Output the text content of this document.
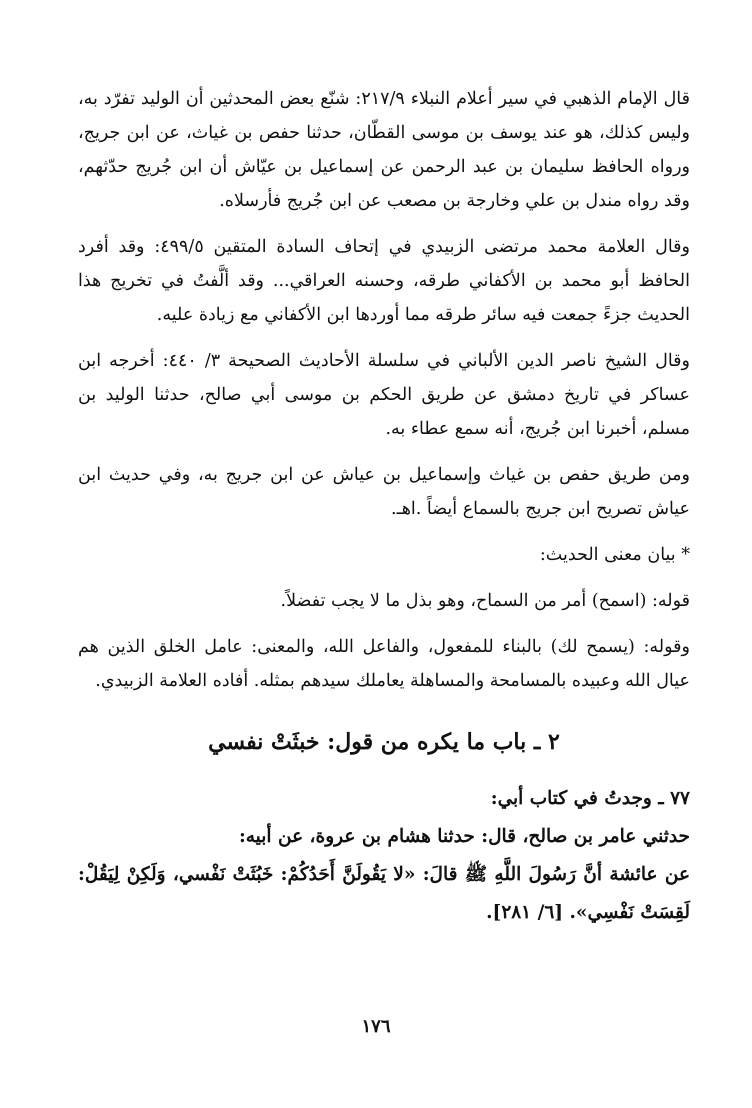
قال الإمام الذهبي في سير أعلام النبلاء ٢١٧/٩: شنّع بعض المحدثين أن الوليد تفرّد به، وليس كذلك، هو عند يوسف بن موسى القطّان، حدثنا حفص بن غياث، عن ابن جريج، ورواه الحافظ سليمان بن عبد الرحمن عن إسماعيل بن عيّاش أن ابن جُريج حدّثهم، وقد رواه مندل بن علي وخارجة بن مصعب عن ابن جُريج فأرسلاه.

وقال العلامة محمد مرتضى الزبيدي في إتحاف السادة المتقين ٤٩٩/٥: وقد أفرد الحافظ أبو محمد بن الأكفاني طرقه، وحسنه العراقي... وقد ألَّفتُ في تخريج هذا الحديث جزءً جمعت فيه سائر طرقه مما أوردها ابن الأكفاني مع زيادة عليه.

وقال الشيخ ناصر الدين الألباني في سلسلة الأحاديث الصحيحة ٣/ ٤٤٠: أخرجه ابن عساكر في تاريخ دمشق عن طريق الحكم بن موسى أبي صالح، حدثنا الوليد بن مسلم، أخبرنا ابن جُريج، أنه سمع عطاء به.

ومن طريق حفص بن غياث وإسماعيل بن عياش عن ابن جريج به، وفي حديث ابن عياش تصريح ابن جريج بالسماع أيضاً .اهـ.

* بيان معنى الحديث:

قوله: (اسمح) أمر من السماح، وهو بذل ما لا يجب تفضلاً.

وقوله: (يسمح لك) بالبناء للمفعول، والفاعل الله، والمعنى: عامل الخلق الذين هم عيال الله وعبيده بالمسامحة والمساهلة يعاملك سيدهم بمثله. أفاده العلامة الزبيدي.

٢ ـ باب ما يكره من قول: خبثَتْ نفسي

٧٧ ـ وجدتُ في كتاب أبي:

حدثني عامر بن صالح، قال: حدثنا هشام بن عروة، عن أبيه:

عن عائشة أنَّ رَسُولَ اللَّهِ ﷺ قالَ: «لا يَقُولَنَّ أَحَدُكُمْ: خَبُثَتْ نَفْسي، وَلَكِنْ لِيَقُلْ: لَقِسَتْ نَفْسِي». [٦/ ٢٨١].

١٧٦
